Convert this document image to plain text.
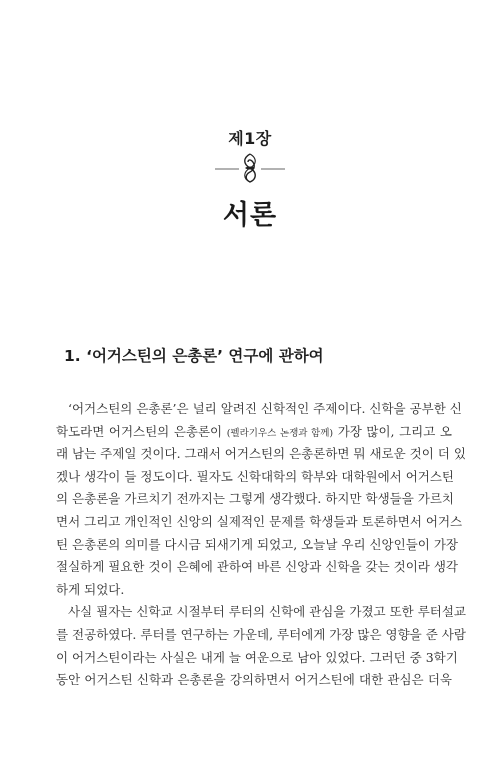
제1장
서론
1. ‘어거스틴의 은총론’ 연구에 관하여
‘어거스틴의 은총론’은 널리 알려진 신학적인 주제이다. 신학을 공부한 신
학도라면 어거스틴의 은총론이 (펠라기우스 논쟁과 함께) 가장 많이, 그리고 오
래 남는 주제일 것이다. 그래서 어거스틴의 은총론하면 뭐 새로운 것이 더 있
겠나 생각이 들 정도이다. 필자도 신학대학의 학부와 대학원에서 어거스틴
의 은총론을 가르치기 전까지는 그렇게 생각했다. 하지만 학생들을 가르치
면서 그리고 개인적인 신앙의 실제적인 문제를 학생들과 토론하면서 어거스
틴 은총론의 의미를 다시금 되새기게 되었고, 오늘날 우리 신앙인들이 가장
절실하게 필요한 것이 은혜에 관하여 바른 신앙과 신학을 갖는 것이라 생각
하게 되었다.
사실 필자는 신학교 시절부터 루터의 신학에 관심을 가졌고 또한 루터설교
를 전공하였다. 루터를 연구하는 가운데, 루터에게 가장 많은 영향을 준 사람
이 어거스틴이라는 사실은 내게 늘 여운으로 남아 있었다. 그러던 중 3학기
동안 어거스틴 신학과 은총론을 강의하면서 어거스틴에 대한 관심은 더욱
